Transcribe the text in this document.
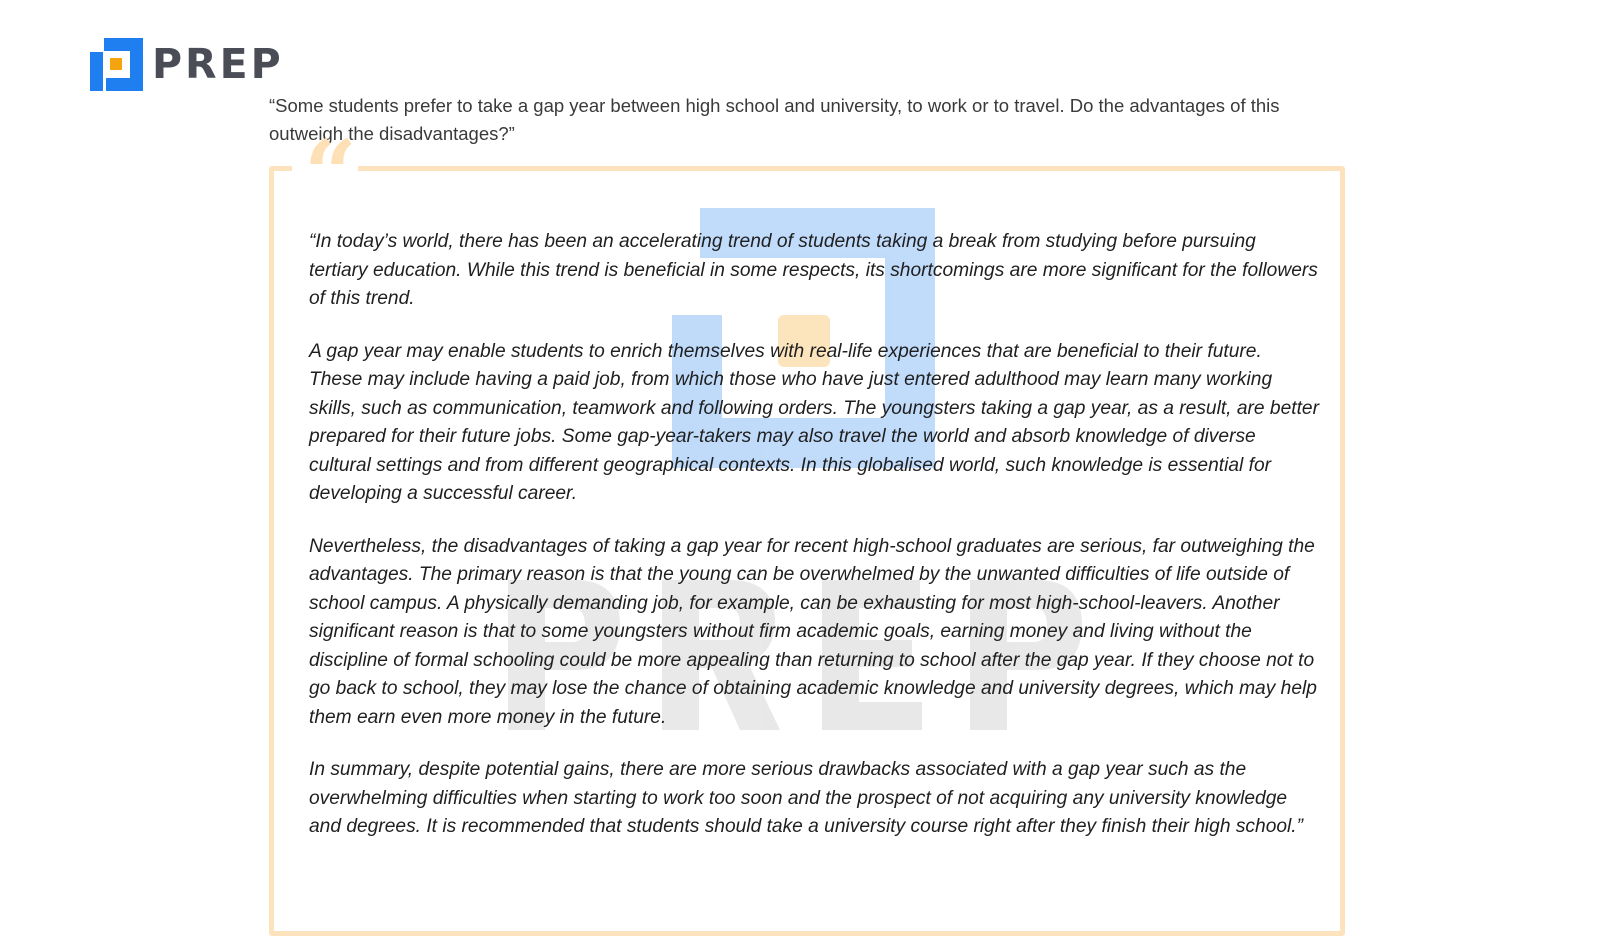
PREP
“Some students prefer to take a gap year between high school and university, to work or to travel. Do the advantages of this outweigh the disadvantages?”
“

“In today’s world, there has been an accelerating trend of students taking a break from studying before pursuing tertiary education. While this trend is beneficial in some respects, its shortcomings are more significant for the followers of this trend.

A gap year may enable students to enrich themselves with real-life experiences that are beneficial to their future. These may include having a paid job, from which those who have just entered adulthood may learn many working skills, such as communication, teamwork and following orders. The youngsters taking a gap year, as a result, are better prepared for their future jobs. Some gap-year-takers may also travel the world and absorb knowledge of diverse cultural settings and from different geographical contexts. In this globalised world, such knowledge is essential for developing a successful career.

Nevertheless, the disadvantages of taking a gap year for recent high-school graduates are serious, far outweighing the advantages. The primary reason is that the young can be overwhelmed by the unwanted difficulties of life outside of school campus. A physically demanding job, for example, can be exhausting for most high-school-leavers. Another significant reason is that to some youngsters without firm academic goals, earning money and living without the discipline of formal schooling could be more appealing than returning to school after the gap year. If they choose not to go back to school, they may lose the chance of obtaining academic knowledge and university degrees, which may help them earn even more money in the future.

In summary, despite potential gains, there are more serious drawbacks associated with a gap year such as the overwhelming difficulties when starting to work too soon and the prospect of not acquiring any university knowledge and degrees. It is recommended that students should take a university course right after they finish their high school.”
